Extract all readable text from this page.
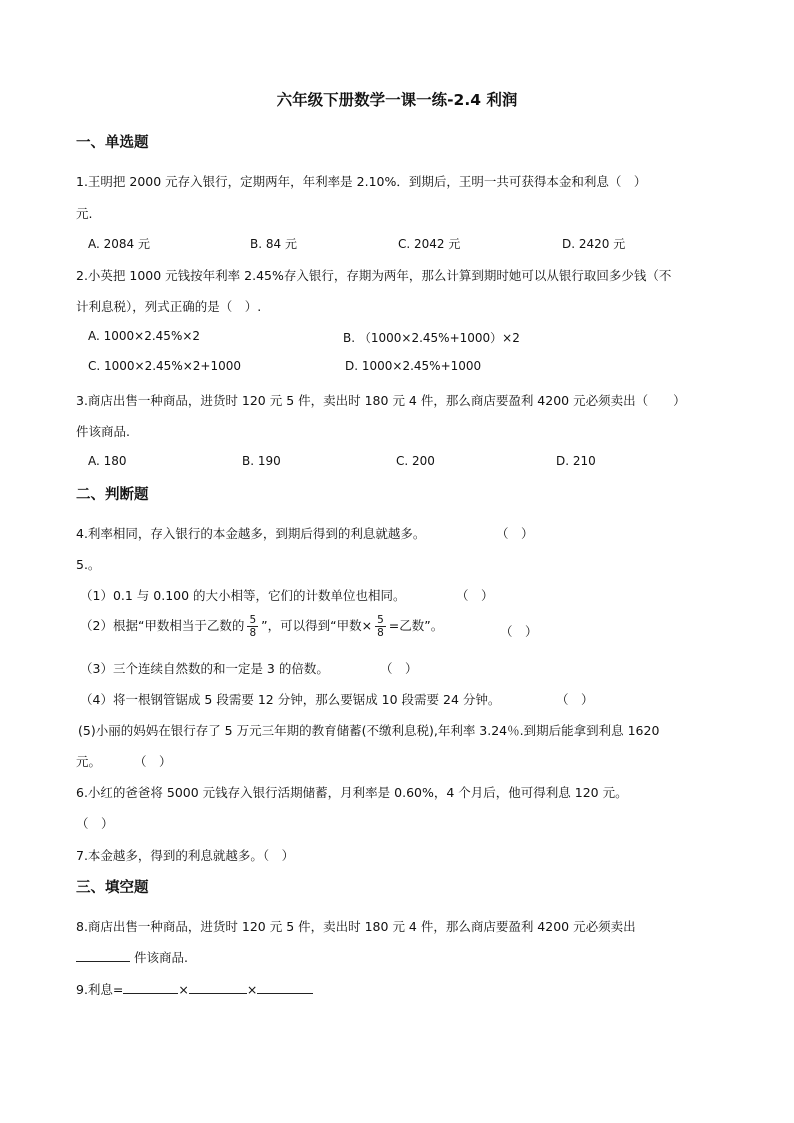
六年级下册数学一课一练-2.4 利润
一、单选题
1.王明把 2000 元存入银行，定期两年，年利率是 2.10%．到期后，王明一共可获得本金和利息（　）
元.
A. 2084 元	B. 84 元	C. 2042 元	D. 2420 元
2.小英把 1000 元钱按年利率 2.45%存入银行，存期为两年，那么计算到期时她可以从银行取回多少钱（不
计利息税），列式正确的是（　）.
A. 1000×2.45%×2	B. （1000×2.45%+1000）×2
C. 1000×2.45%×2+1000	D. 1000×2.45%+1000
3.商店出售一种商品，进货时 120 元 5 件，卖出时 180 元 4 件，那么商店要盈利 4200 元必须卖出（　　）
件该商品.
A. 180	B. 190	C. 200	D. 210
二、判断题
4.利率相同，存入银行的本金越多，到期后得到的利息就越多。	（　）
5.。
（1）0.1 与 0.100 的大小相等，它们的计数单位也相同。	（　）
（2）根据“甲数相当于乙数的 $\frac{5}{8}$ ”，可以得到“甲数× $\frac{5}{8}$ =乙数”。	（　）
（3）三个连续自然数的和一定是 3 的倍数。	（　）
（4）将一根钢管锯成 5 段需要 12 分钟，那么要锯成 10 段需要 24 分钟。	（　）
(5)小丽的妈妈在银行存了 5 万元三年期的教育储蓄(不缴利息税),年利率 3.24％.到期后能拿到利息 1620
元。	（　）
6.小红的爸爸将 5000 元钱存入银行活期储蓄，月利率是 0.60%，4 个月后，他可得利息 120 元。
（　）
7.本金越多，得到的利息就越多。（　）
三、填空题
8.商店出售一种商品，进货时 120 元 5 件，卖出时 180 元 4 件，那么商店要盈利 4200 元必须卖出
件该商品.
9.利息=	×	×
